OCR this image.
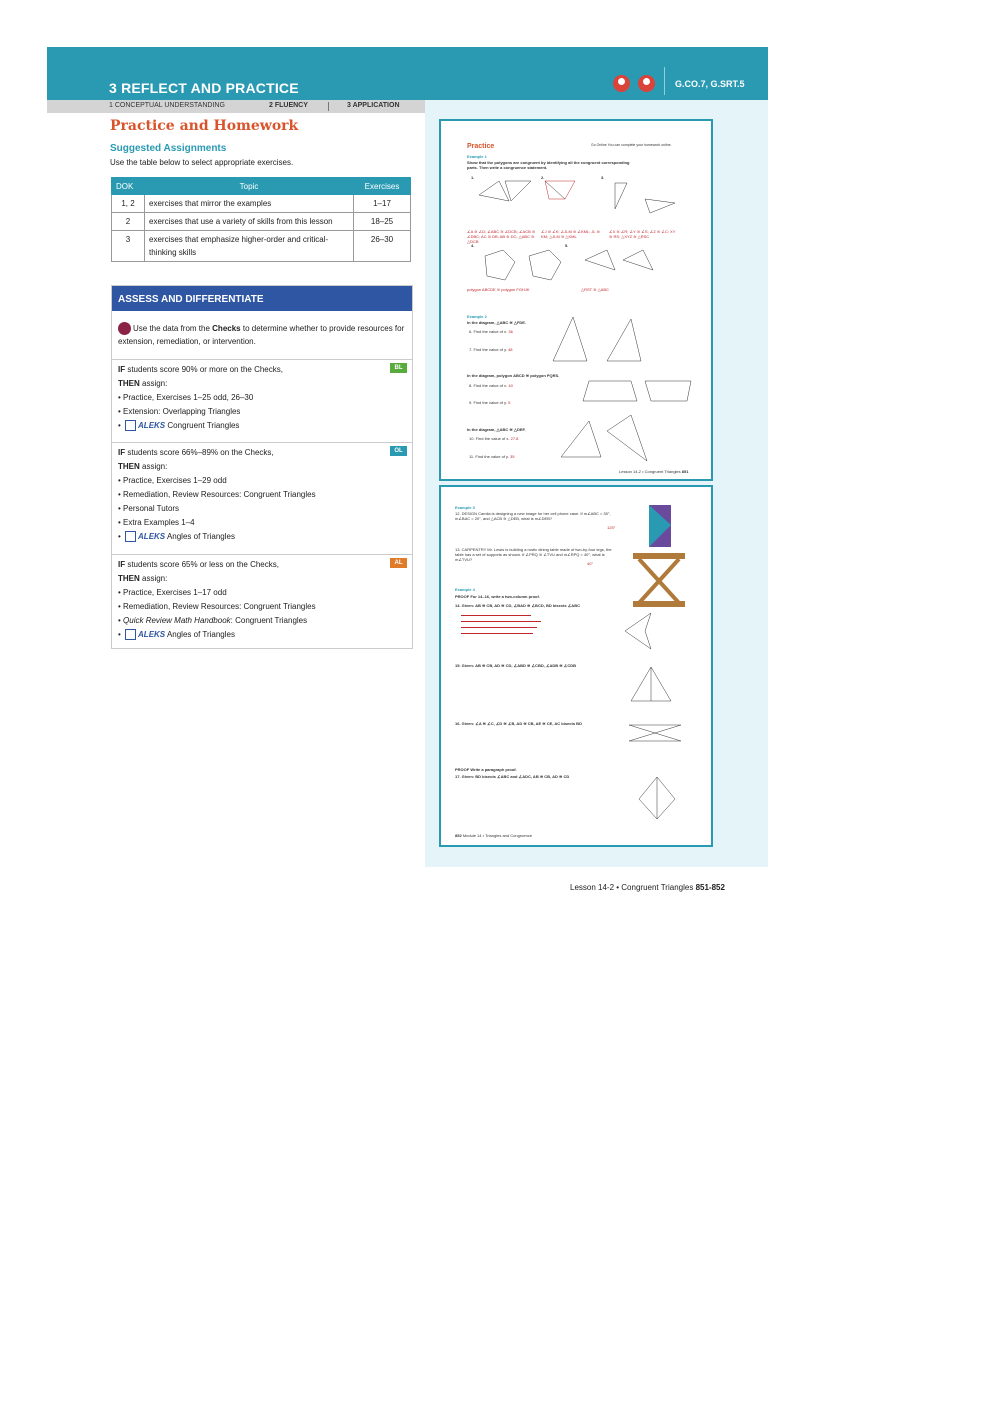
3 REFLECT AND PRACTICE
	G.CO.7, G.SRT.5
1 CONCEPTUAL UNDERSTANDING	2 FLUENCY	3 APPLICATION
Practice and Homework
Suggested Assignments
Use the table below to select appropriate exercises.
DOK	Topic	Exercises
1, 2	exercises that mirror the examples	1–17
2	exercises that use a variety of skills from this lesson	18–25
3	exercises that emphasize higher-order and critical-thinking skills	26–30
ASSESS AND DIFFERENTIATE
Use the data from the Checks to determine whether to provide resources for extension, remediation, or intervention.
BL
IF students score 90% or more on the Checks,
THEN assign:
• Practice, Exercises 1–25 odd, 26–30
• Extension: Overlapping Triangles
• ALEKS Congruent Triangles
OL
IF students score 66%–89% on the Checks,
THEN assign:
• Practice, Exercises 1–29 odd
• Remediation, Review Resources: Congruent Triangles
• Personal Tutors
• Extra Examples 1–4
• ALEKS Angles of Triangles
AL
IF students score 65% or less on the Checks,
THEN assign:
• Practice, Exercises 1–17 odd
• Remediation, Review Resources: Congruent Triangles
• Quick Review Math Handbook: Congruent Triangles
• ALEKS Angles of Triangles
Practice	Go Online You can complete your homework online.
Example 1
Show that the polygons are congruent by identifying all the congruent corresponding parts. Then write a congruence statement.
1.	2.	3.
∠A ≅ ∠D; ∠ABC ≅ ∠DCB; ∠ACB ≅ ∠DBC; AC ≅ DB; AB ≅ DC; △ABC ≅ △DCB
∠J ≅ ∠K; ∠JLM ≅ ∠KML; JL ≅ KM; △JLM ≅ △KML
∠X ≅ ∠R; ∠Y ≅ ∠S; ∠Z ≅ ∠C; XY ≅ RS; △XYZ ≅ △RSC
4.	5.
polygon ABCDE ≅ polygon FGHJK	△RST ≅ △ABC
Example 2
In the diagram, △ABC ≅ △FDE.
6. Find the value of x. 36
7. Find the value of y. 48
In the diagram, polygon ABCD ≅ polygon PQRS.
8. Find the value of x. 40
9. Find the value of y. 5
In the diagram, △ABC ≅ △DEF.
10. Find the value of x. 27.8
11. Find the value of y. 35
Lesson 14-2 • Congruent Triangles 851
Example 3
12. DESIGN Camila is designing a new image for her cell phone case. If m∠ABC = 35°, m∠BAC = 20°, and △ACB ≅ △DEB, what is m∠DEB?
125°
13. CARPENTRY Mr. Lewis is building a rustic dining table made of two-by-four legs, the table has a set of supports as shown. If ∠PRQ ≅ ∠TVU and m∠RPQ = 40°, what is m∠TVU?
40°
Example 4
PROOF For 14–16, write a two-column proof.
14. Given: AB ≅ CB, AD ≅ CD, ∠BAD ≅ ∠BCD, BD bisects ∠ABC
15. Given: AB ≅ CB, AD ≅ CD, ∠ABD ≅ ∠CBD, ∠ADB ≅ ∠CDB
16. Given: ∠A ≅ ∠C, ∠D ≅ ∠B, AD ≅ CB, AE ≅ CE, AC bisects BD
PROOF Write a paragraph proof.
17. Given: BD bisects ∠ABC and ∠ADC, AB ≅ CB, AD ≅ CD
852 Module 14 • Triangles and Congruence
Lesson 14-2 • Congruent Triangles 851-852
